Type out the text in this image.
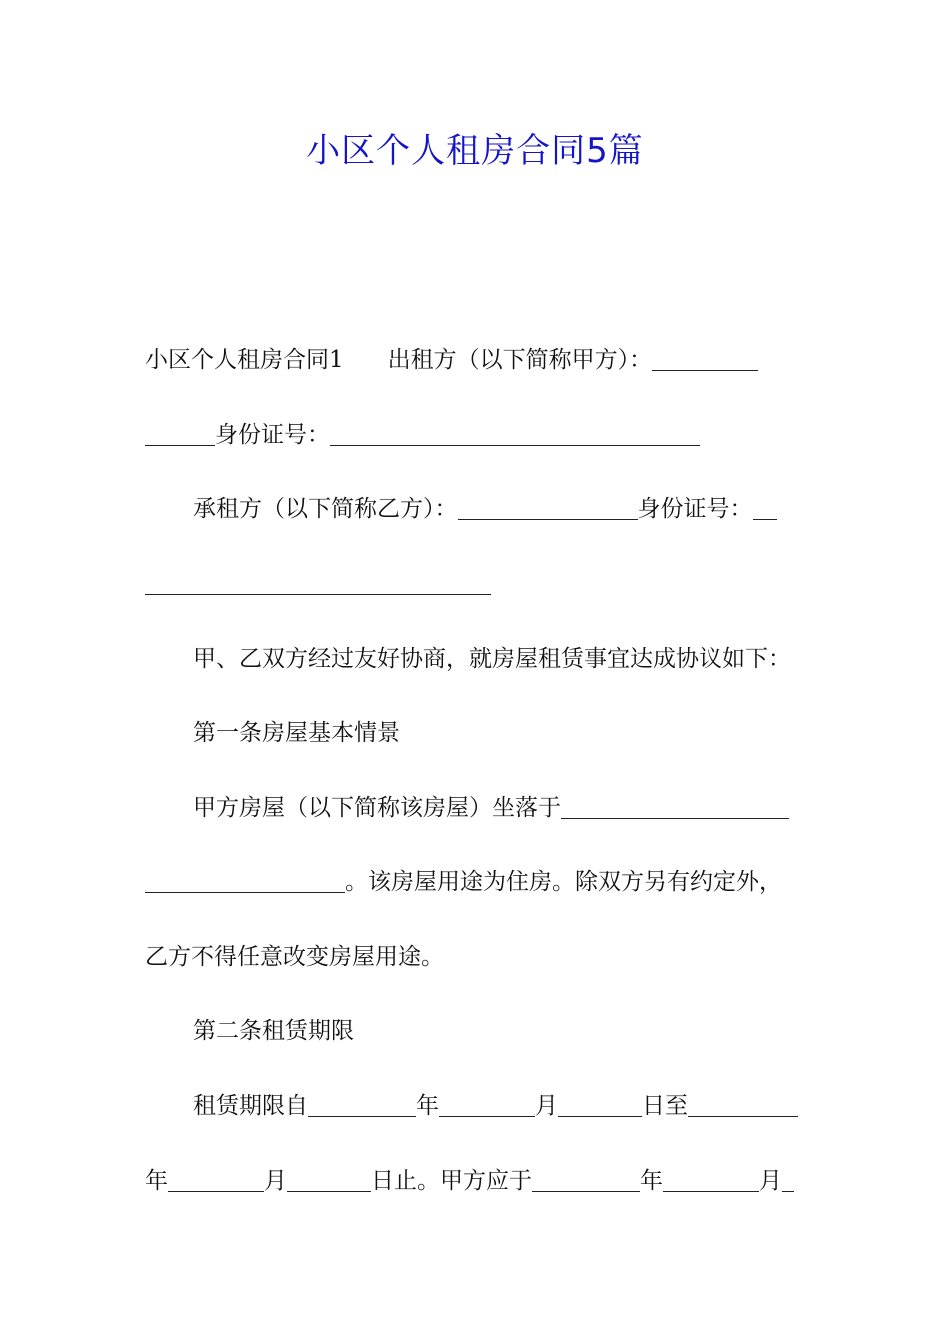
小区个人租房合同5篇
小区个人租房合同1 出租方（以下简称甲方）：
身份证号：
承租方（以下简称乙方）：	身份证号：
甲、乙双方经过友好协商，就房屋租赁事宜达成协议如下：
第一条房屋基本情景
甲方房屋（以下简称该房屋）坐落于
。该房屋用途为住房。除双方另有约定外，
乙方不得任意改变房屋用途。
第二条租赁期限
租赁期限自	年	月	日至
年	月	日止。甲方应于	年	月
